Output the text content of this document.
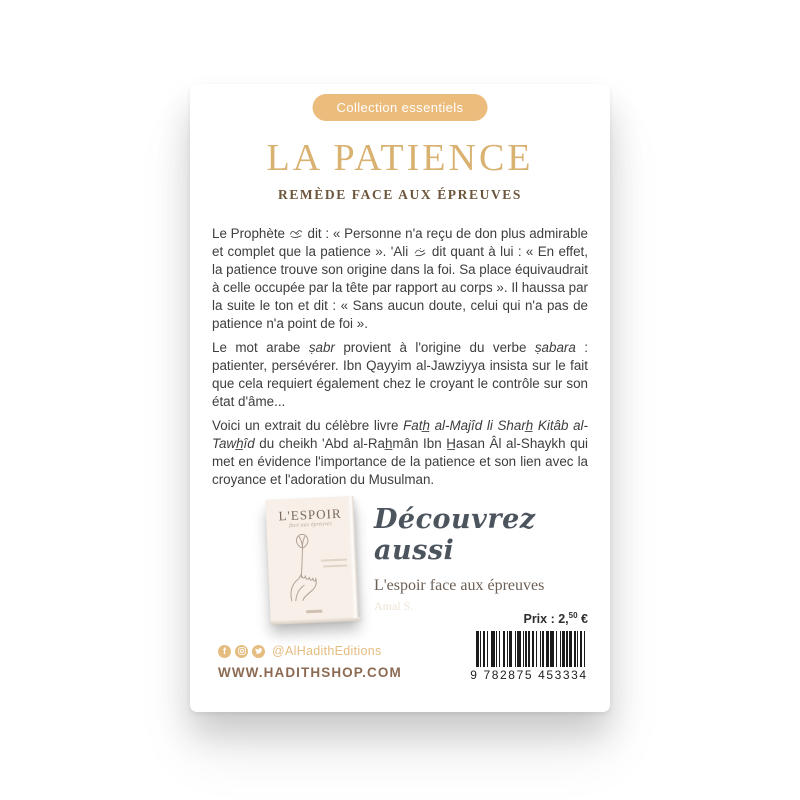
Collection essentiels
LA PATIENCE
REMÈDE FACE AUX ÉPREUVES

Le Prophète
dit : « Personne n'a reçu de don plus admirable et complet que la patience ». 'Ali
dit quant à lui : « En effet, la patience trouve son origine dans la foi. Sa place équivaudrait à celle occupée par la tête par rapport au corps ». Il haussa par la suite le ton et dit : « Sans aucun doute, celui qui n'a pas de patience n'a point de foi ».

Le mot arabe ṣabr provient à l'origine du verbe ṣabara : patienter, persévérer. Ibn Qayyim al-Jawziyya insista sur le fait que cela requiert également chez le croyant le contrôle sur son état d'âme...

Voici un extrait du célèbre livre Fath̲ al-Majîd li Sharh̲ Kitâb al-Tawh̲îd du cheikh 'Abd al-Rah̲mân Ibn H̲asan Âl al-Shaykh qui met en évidence l'importance de la patience et son lien avec la croyance et l'adoration du Musulman.

L'ESPOIR
face aux épreuves	Découvrez aussi
L'espoir face aux épreuves
Amal S.
f	@AlHadithEditions
WWW.HADITHSHOP.COM
Prix : 2,50 €
9 782875 453334
